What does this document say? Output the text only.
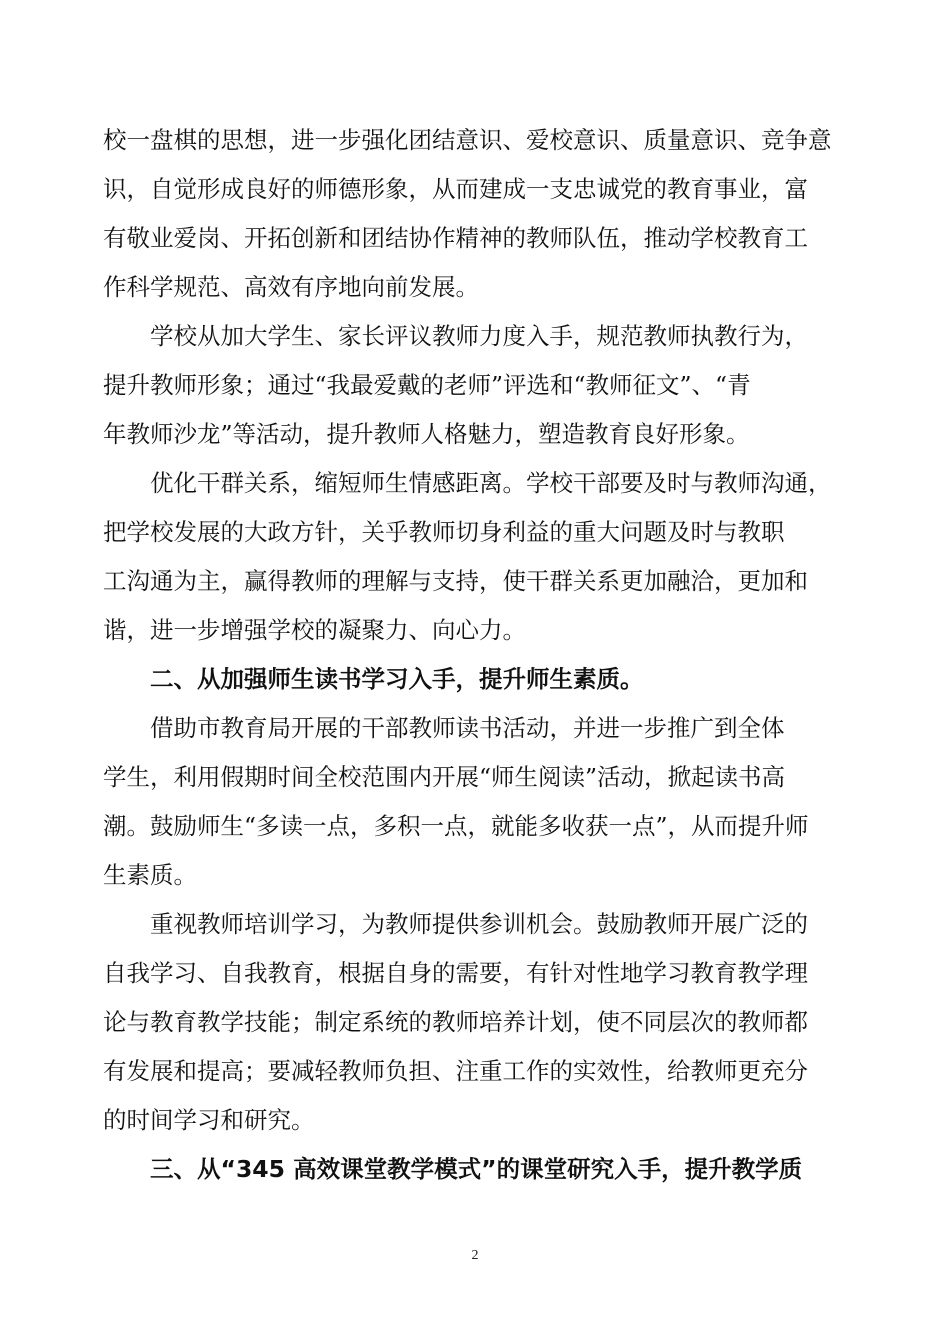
校一盘棋的思想，进一步强化团结意识、爱校意识、质量意识、竞争意
识，自觉形成良好的师德形象，从而建成一支忠诚党的教育事业，富
有敬业爱岗、开拓创新和团结协作精神的教师队伍，推动学校教育工
作科学规范、高效有序地向前发展。
学校从加大学生、家长评议教师力度入手，规范教师执教行为，
提升教师形象；通过“我最爱戴的老师”评选和“教师征文”、“青
年教师沙龙”等活动，提升教师人格魅力，塑造教育良好形象。
优化干群关系，缩短师生情感距离。学校干部要及时与教师沟通，
把学校发展的大政方针，关乎教师切身利益的重大问题及时与教职
工沟通为主，赢得教师的理解与支持，使干群关系更加融洽，更加和
谐，进一步增强学校的凝聚力、向心力。
二、从加强师生读书学习入手，提升师生素质。
借助市教育局开展的干部教师读书活动，并进一步推广到全体
学生，利用假期时间全校范围内开展“师生阅读”活动，掀起读书高
潮。鼓励师生“多读一点，多积一点，就能多收获一点”，从而提升师
生素质。
重视教师培训学习，为教师提供参训机会。鼓励教师开展广泛的
自我学习、自我教育，根据自身的需要，有针对性地学习教育教学理
论与教育教学技能；制定系统的教师培养计划，使不同层次的教师都
有发展和提高；要减轻教师负担、注重工作的实效性，给教师更充分
的时间学习和研究。
三、从“345 高效课堂教学模式”的课堂研究入手，提升教学质
2
